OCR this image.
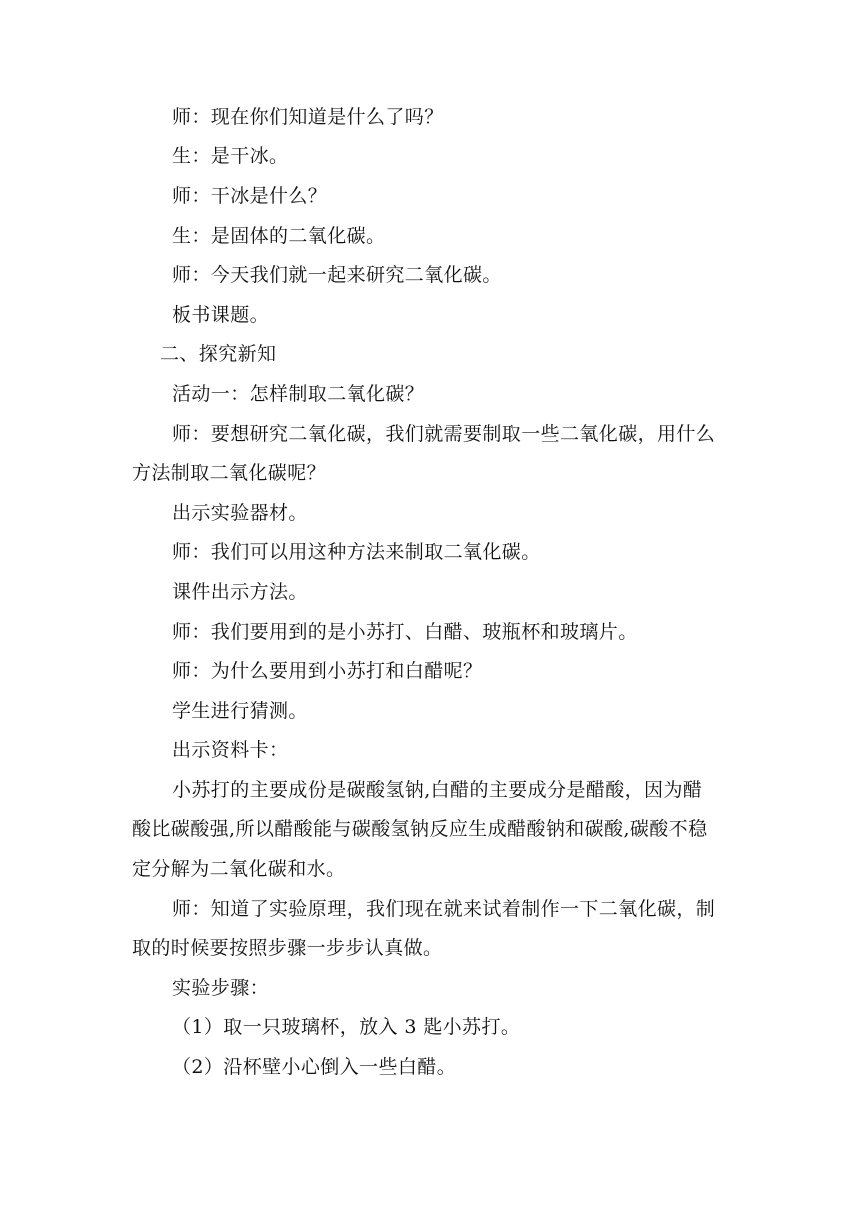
师：现在你们知道是什么了吗？
生：是干冰。
师：干冰是什么？
生：是固体的二氧化碳。
师：今天我们就一起来研究二氧化碳。
板书课题。
二、探究新知
活动一：怎样制取二氧化碳？
师：要想研究二氧化碳，我们就需要制取一些二氧化碳，用什么
方法制取二氧化碳呢？
出示实验器材。
师：我们可以用这种方法来制取二氧化碳。
课件出示方法。
师：我们要用到的是小苏打、白醋、玻瓶杯和玻璃片。
师：为什么要用到小苏打和白醋呢？
学生进行猜测。
出示资料卡：
小苏打的主要成份是碳酸氢钠,白醋的主要成分是醋酸，因为醋
酸比碳酸强,所以醋酸能与碳酸氢钠反应生成醋酸钠和碳酸,碳酸不稳
定分解为二氧化碳和水。
师：知道了实验原理，我们现在就来试着制作一下二氧化碳，制
取的时候要按照步骤一步步认真做。
实验步骤：
（1）取一只玻璃杯，放入 3 匙小苏打。
（2）沿杯壁小心倒入一些白醋。
